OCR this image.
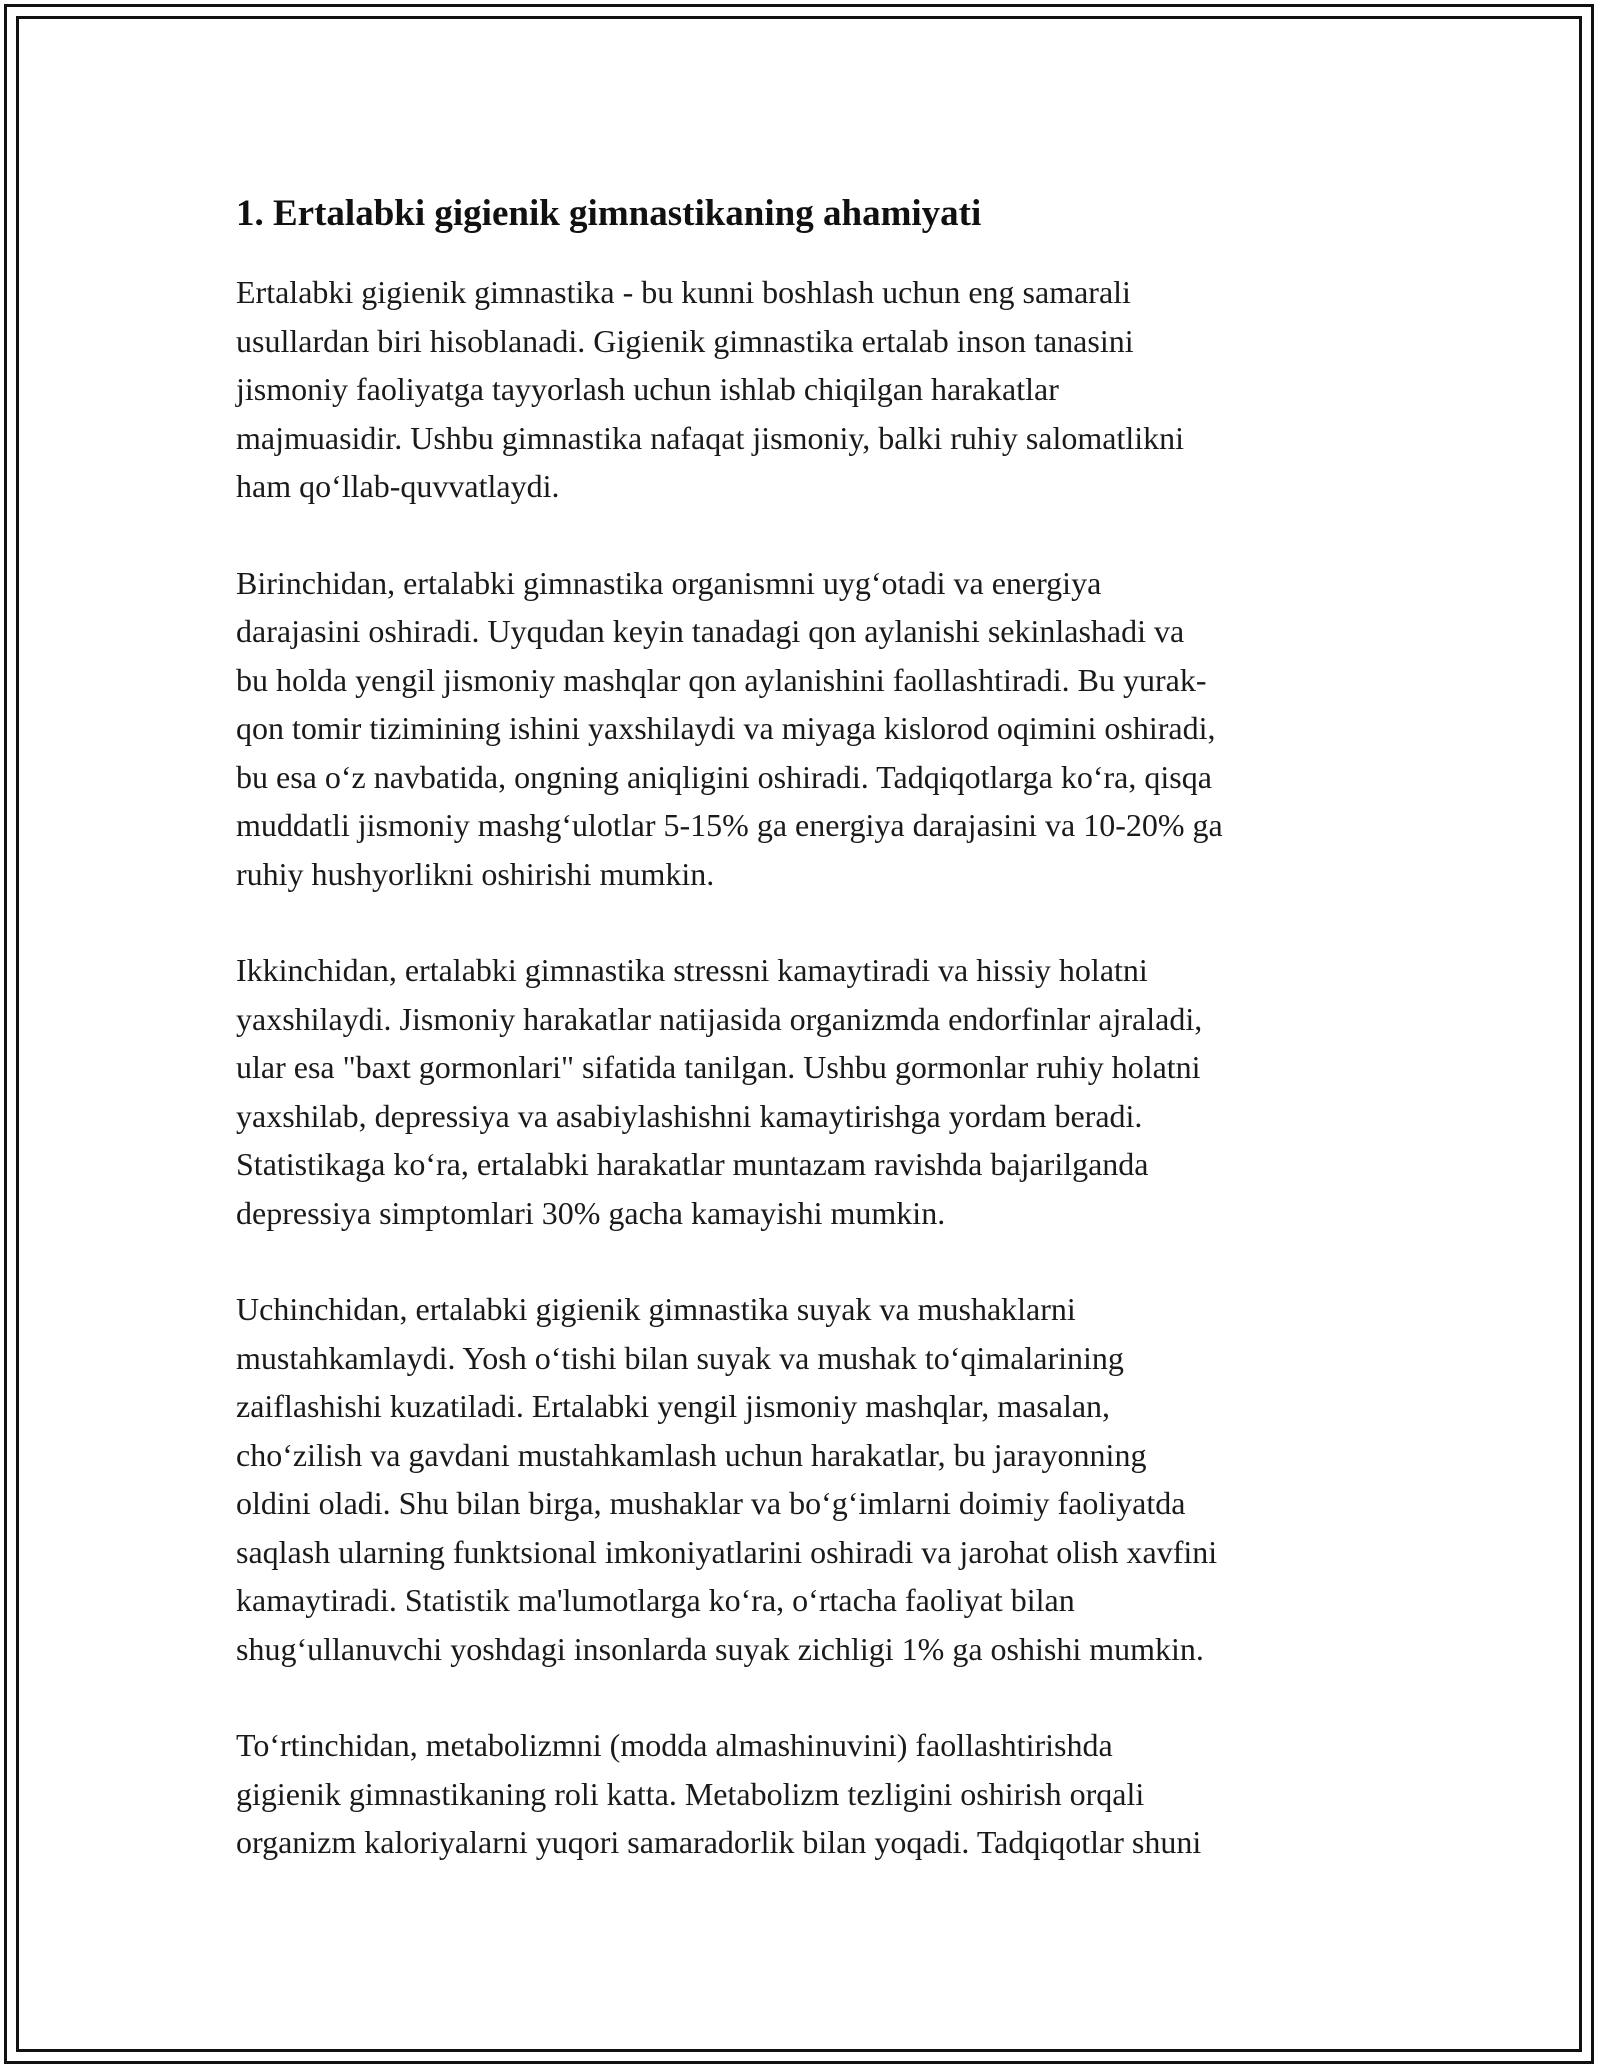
1. Ertalabki gigienik gimnastikaning ahamiyati
Ertalabki gigienik gimnastika - bu kunni boshlash uchun eng samarali
usullardan biri hisoblanadi. Gigienik gimnastika ertalab inson tanasini
jismoniy faoliyatga tayyorlash uchun ishlab chiqilgan harakatlar
majmuasidir. Ushbu gimnastika nafaqat jismoniy, balki ruhiy salomatlikni
ham qo‘llab-quvvatlaydi.
Birinchidan, ertalabki gimnastika organismni uyg‘otadi va energiya
darajasini oshiradi. Uyqudan keyin tanadagi qon aylanishi sekinlashadi va
bu holda yengil jismoniy mashqlar qon aylanishini faollashtiradi. Bu yurak-
qon tomir tizimining ishini yaxshilaydi va miyaga kislorod oqimini oshiradi,
bu esa o‘z navbatida, ongning aniqligini oshiradi. Tadqiqotlarga ko‘ra, qisqa
muddatli jismoniy mashg‘ulotlar 5-15% ga energiya darajasini va 10-20% ga
ruhiy hushyorlikni oshirishi mumkin.
Ikkinchidan, ertalabki gimnastika stressni kamaytiradi va hissiy holatni
yaxshilaydi. Jismoniy harakatlar natijasida organizmda endorfinlar ajraladi,
ular esa "baxt gormonlari" sifatida tanilgan. Ushbu gormonlar ruhiy holatni
yaxshilab, depressiya va asabiylashishni kamaytirishga yordam beradi.
Statistikaga ko‘ra, ertalabki harakatlar muntazam ravishda bajarilganda
depressiya simptomlari 30% gacha kamayishi mumkin.
Uchinchidan, ertalabki gigienik gimnastika suyak va mushaklarni
mustahkamlaydi. Yosh o‘tishi bilan suyak va mushak to‘qimalarining
zaiflashishi kuzatiladi. Ertalabki yengil jismoniy mashqlar, masalan,
cho‘zilish va gavdani mustahkamlash uchun harakatlar, bu jarayonning
oldini oladi. Shu bilan birga, mushaklar va bo‘g‘imlarni doimiy faoliyatda
saqlash ularning funktsional imkoniyatlarini oshiradi va jarohat olish xavfini
kamaytiradi. Statistik ma'lumotlarga ko‘ra, o‘rtacha faoliyat bilan
shug‘ullanuvchi yoshdagi insonlarda suyak zichligi 1% ga oshishi mumkin.
To‘rtinchidan, metabolizmni (modda almashinuvini) faollashtirishda
gigienik gimnastikaning roli katta. Metabolizm tezligini oshirish orqali
organizm kaloriyalarni yuqori samaradorlik bilan yoqadi. Tadqiqotlar shuni
